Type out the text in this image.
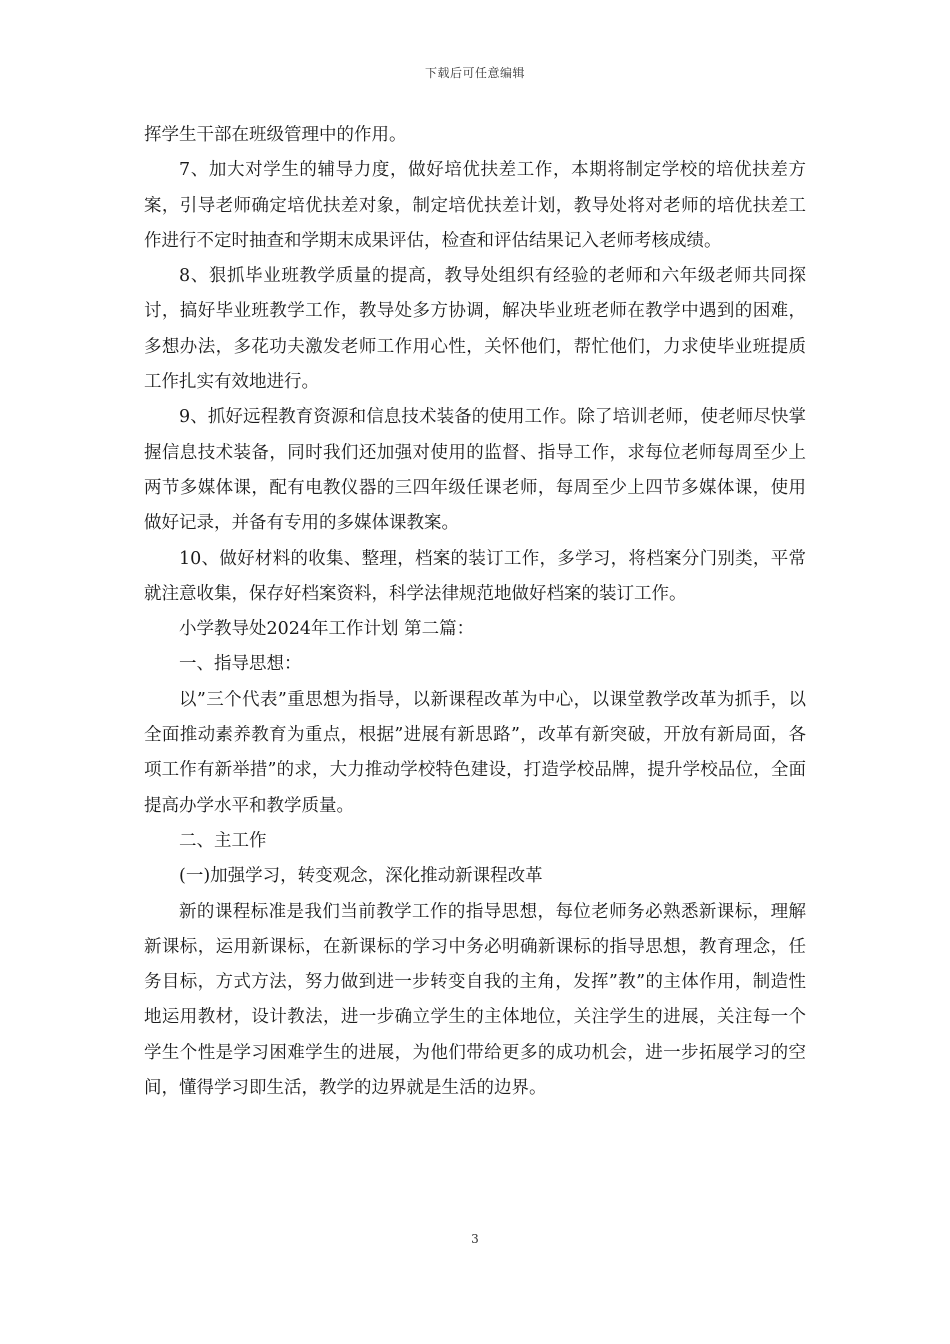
下载后可任意编辑

挥学生干部在班级管理中的作用。

7、加大对学生的辅导力度，做好培优扶差工作，本期将制定学校的培优扶差方案，引导老师确定培优扶差对象，制定培优扶差计划，教导处将对老师的培优扶差工作进行不定时抽查和学期末成果评估，检查和评估结果记入老师考核成绩。

8、狠抓毕业班教学质量的提高，教导处组织有经验的老师和六年级老师共同探讨，搞好毕业班教学工作，教导处多方协调，解决毕业班老师在教学中遇到的困难，多想办法，多花功夫激发老师工作用心性，关怀他们，帮忙他们，力求使毕业班提质工作扎实有效地进行。

9、抓好远程教育资源和信息技术装备的使用工作。除了培训老师，使老师尽快掌握信息技术装备，同时我们还加强对使用的监督、指导工作，求每位老师每周至少上两节多媒体课，配有电教仪器的三四年级任课老师，每周至少上四节多媒体课，使用做好记录，并备有专用的多媒体课教案。

10、做好材料的收集、整理，档案的装订工作，多学习，将档案分门别类，平常就注意收集，保存好档案资料，科学法律规范地做好档案的装订工作。

小学教导处2024年工作计划 第二篇：

一、指导思想：

以”三个代表”重思想为指导，以新课程改革为中心，以课堂教学改革为抓手，以全面推动素养教育为重点，根据”进展有新思路”，改革有新突破，开放有新局面，各项工作有新举措”的求，大力推动学校特色建设，打造学校品牌，提升学校品位，全面提高办学水平和教学质量。

二、主工作

(一)加强学习，转变观念，深化推动新课程改革

新的课程标准是我们当前教学工作的指导思想，每位老师务必熟悉新课标，理解新课标，运用新课标，在新课标的学习中务必明确新课标的指导思想，教育理念，任务目标，方式方法，努力做到进一步转变自我的主角，发挥”教”的主体作用，制造性地运用教材，设计教法，进一步确立学生的主体地位，关注学生的进展，关注每一个学生个性是学习困难学生的进展，为他们带给更多的成功机会，进一步拓展学习的空间，懂得学习即生活，教学的边界就是生活的边界。

3
